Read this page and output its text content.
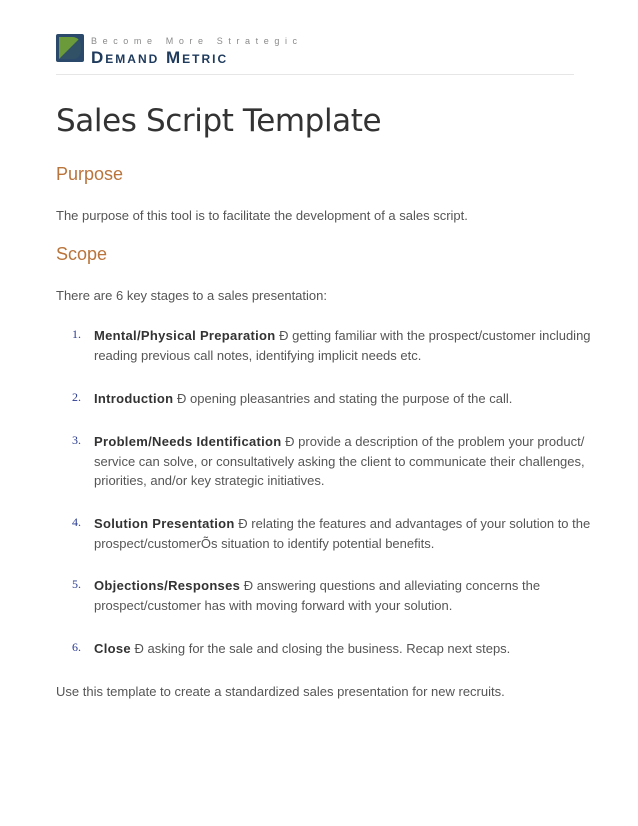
Become More Strategic
Demand Metric
Sales Script Template
Purpose

The purpose of this tool is to facilitate the development of a sales script.

Scope

There are 6 key stages to a sales presentation:

1. Mental/Physical Preparation Ð getting familiar with the prospect/customer including reading previous call notes, identifying implicit needs etc.
2. Introduction Ð opening pleasantries and stating the purpose of the call.
3. Problem/Needs Identification Ð provide a description of the problem your product/ service can solve, or consultatively asking the client to communicate their challenges, priorities, and/or key strategic initiatives.
4. Solution Presentation Ð relating the features and advantages of your solution to the prospect/customerÕs situation to identify potential benefits.
5. Objections/Responses Ð answering questions and alleviating concerns the prospect/customer has with moving forward with your solution.
6. Close Ð asking for the sale and closing the business. Recap next steps.

Use this template to create a standardized sales presentation for new recruits.
